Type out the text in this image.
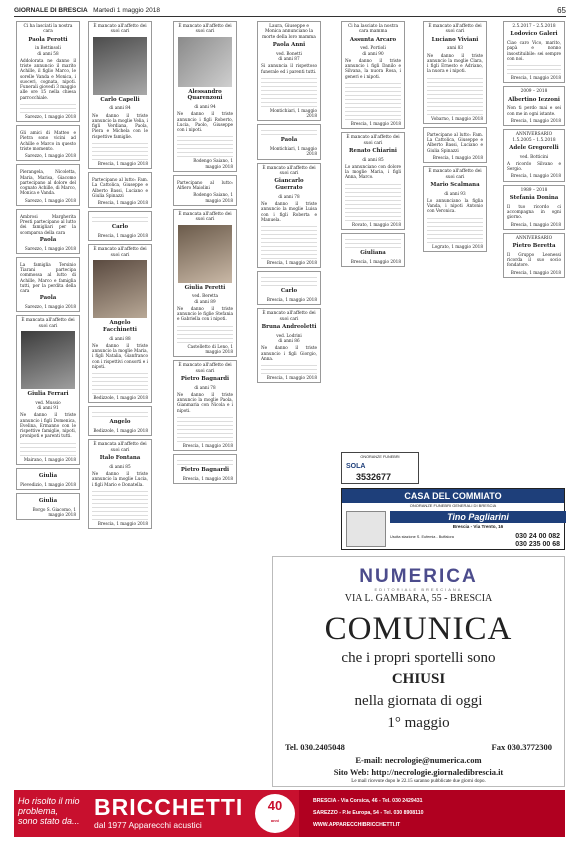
GIORNALE DI BRESCIA Martedì 1 maggio 2018	65
Ci ha lasciati la nostra cara
Paola Perotti
in Bettinsoli
di anni 58
Addolorata ne danno il triste annuncio il marito Achille, il figlio Marco, le sorelle Vanda e Monica, i suoceri, cognata, nipoti. Funerali giovedì 3 maggio alle ore 15 nella chiesa parrocchiale.
Sarezzo, 1 maggio 2018
Gli amici di Matteo e Pietra sono vicini ad Achille e Marco in questo triste momento.
Sarezzo, 1 maggio 2018
Pierangela, Nicoletta, Maria, Marisa, Giacomo partecipano al dolore del cognato Achille, di Marco, Monica e Vanda.
Sarezzo, 1 maggio 2018
Ambrosi Margherita Presti partecipano al lutto dei famigliari per la scomparsa della cara
Paola
Sarezzo, 1 maggio 2018
La famiglia Tersinio Tiarani partecipa commossa al lutto di Achille, Marco e famiglia tutti, per la perdita della cara
Paola
Sarezzo, 1 maggio 2018
È mancata all'affetto dei suoi cari
Giulia Ferrari
ved. Mussio
di anni 91
Ne danno il triste annuncio i figli Domenica, Evelina, Ermanno con le rispettive famiglie, nipoti, pronipoti e parenti tutti.
Mairano, 1 maggio 2018
Giulia
Pievedizio, 1 maggio 2018
Giulia
Borgo S. Giacomo, 1 maggio 2018
È mancato all'affetto dei suoi cari
Carlo Capelli
di anni 84
Ne danno il triste annuncio la moglie Velia, i figli Verdiana, Paola, Piera e Michela con le rispettive famiglie.
Brescia, 1 maggio 2018
Partecipano al lutto: Fam. La Cattolica, Giuseppe e Alberto Bassi, Luciano e Giulia Spinazzi
Brescia, 1 maggio 2018
Carlo
Brescia, 1 maggio 2018
È mancato all'affetto dei suoi cari
Angelo Facchinetti
di anni 88
Ne danno il triste annuncio la moglie Maria, i figli Natalia, Gianfranco con i rispettivi consorti e i nipoti.
Bedizzole, 1 maggio 2018
Angelo
Bedizzole, 1 maggio 2018
È mancata all'affetto dei suoi cari
Italo Fontana
di anni 85
Ne danno il triste annuncio la moglie Lucia, i figli Mario e Donatella.
Brescia, 1 maggio 2018
È mancato all'affetto dei suoi cari
Alessandro Quarenzoni
di anni 94
Ne danno il triste annuncio i figli Roberto, Lucia, Paolo, Giuseppe con i nipoti.
Rodengo Saiano, 1 maggio 2018
Partecipano al lutto: Alfiero Maiolini
Rodengo Saiano, 1 maggio 2018
È mancata all'affetto dei suoi cari
Giulia Peretti
ved. Beretta
di anni 89
Ne danno il triste annuncio le figlie Stefania e Gabriella con i nipoti.
Castelletto di Leno, 1 maggio 2018
È mancato all'affetto dei suoi cari
Pietro Bagnardi
di anni 78
Ne danno il triste annuncio la moglie Paola, Gianmaria con Nicola e i nipoti.
Brescia, 1 maggio 2018
Pietro Bagnardi
Brescia, 1 maggio 2018
Laura, Giuseppe e Monica annunciano la morte della loro mamma
Paola Anni
ved. Bonetti
di anni 87
Si annuncia il rispettoso funerale ed i parenti tutti.
Montichiari, 1 maggio 2018
Paola
Montichiari, 1 maggio 2018
È mancato all'affetto dei suoi cari
Giancarlo Guerrato
di anni 78
Ne danno il triste annuncio la moglie Luisa con i figli Roberta e Manuela.
Brescia, 1 maggio 2018
Carlo
Brescia, 1 maggio 2018
È mancato all'affetto dei suoi cari
Bruna Andreoletti
ved. Lodrini
di anni 86
Ne danno il triste annuncio i figli Giorgio, Anna.
Brescia, 1 maggio 2018
Ci ha lasciato la nostra cara mamma
Assunta Arcaro
ved. Portioli
di anni 90
Ne danno il triste annuncio i figli Danilo e Silvana, la nuora Rosa, i generi e i nipoti.
Brescia, 1 maggio 2018
È mancato all'affetto dei suoi cari
Renato Chiarini
di anni 85
Lo annunciano con dolore la moglie Maria, i figli Anna, Marco.
Rovato, 1 maggio 2018
Giuliana
Brescia, 1 maggio 2018
È mancato all'affetto dei suoi cari
Luciano Viviani
anni 83
Ne danno il triste annuncio la moglie Clara, i figli Ernesto e Adriano, la nuora e i nipoti.
Vobarno, 1 maggio 2018
Partecipano al lutto: Fam. La Cattolica, Giuseppe e Alberto Bassi, Luciano e Giulia Spinazzi
Brescia, 1 maggio 2018
È mancato all'affetto dei suoi cari
Mario Scalmana
di anni 93
Lo annunciano la figlia Vanda, i nipoti Antonio con Veronica.
Lograto, 1 maggio 2018
2.5.2017 – 2.5.2018
Lodovico Galeri
Ciao caro Vico, marito, papà e nonno insostituibile: sei sempre con noi.
Brescia, 1 maggio 2018
2009 – 2018
Albertino Iezzoni
Non ti perdo mai e sei con me in ogni istante.
Brescia, 1 maggio 2018
ANNIVERSARIO 1.5.2005 – 1.5.2018
Adele Gregorelli
ved. Botticini
A ricordo Silvano e Sergio.
Brescia, 1 maggio 2018
1989 – 2018
Stefania Donina
Il tuo ricordo ci accompagna in ogni giorno.
Brescia, 1 maggio 2018
ANNIVERSARIO
Pietro Beretta
Il Gruppo Leonessi ricorda il suo socio fondatore.
Brescia, 1 maggio 2018
ONORANZE FUNEBRI
SOLA
3532677
CASA DEL COMMIATO
ONORANZE FUNEBRI GENERALI DI BRESCIA
Tino Pagliarini
Brescia - Via Trento, 16
Uscita stazione S. Eufemia - Buffalora	030 24 00 082
030 235 00 68
NUMERICA
EDITORIALE BRESCIANA
VIA L. GAMBARA, 55 - BRESCIA
COMUNICA
che i propri sportelli sono
CHIUSI
nella giornata di oggi
1° maggio
Tel. 030.2405048	Fax 030.3772300
E-mail: necrologie@numerica.com
Sito Web: http://necrologie.giornaledibrescia.it
Le mail ricevute dopo le 22.15 saranno pubblicate due giorni dopo.
Ho risolto il mio problema, sono stato da...
BRICCHETTI
dal 1977 Apparecchi acustici
40
anni
BRESCIA - Via Corsica, 46 - Tel. 030 2429431
SAREZZO - P.le Europa, 54 - Tel. 030 8908110
WWW.APPARECCHIBRICCHETTI.IT
